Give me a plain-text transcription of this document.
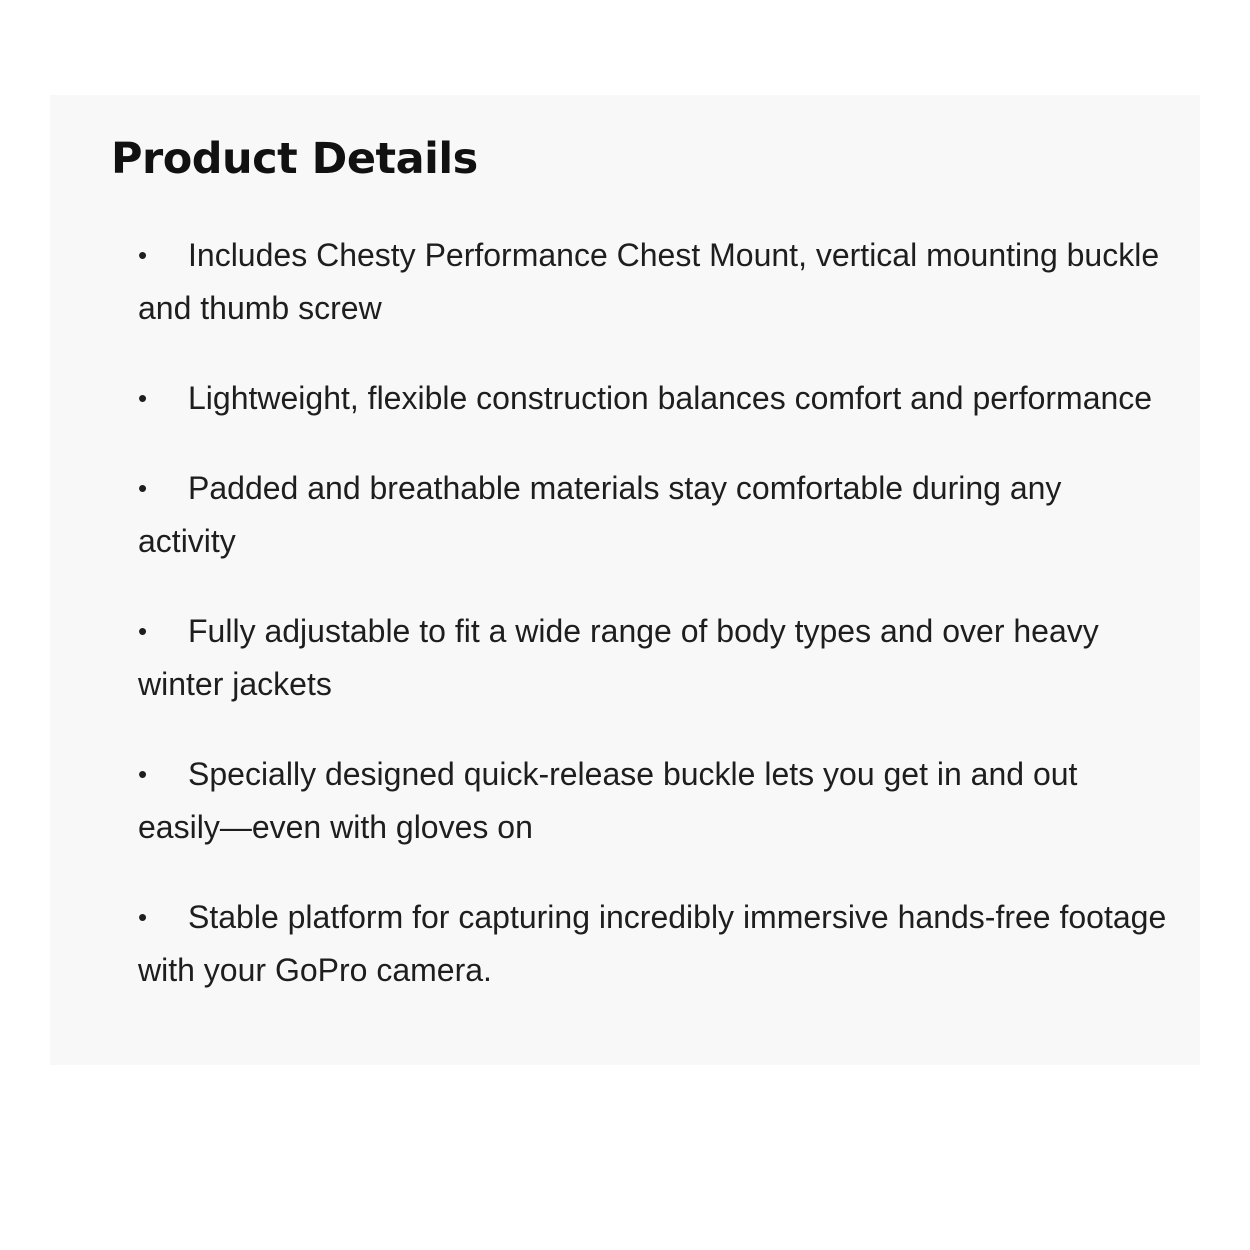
Product Details
• Includes Chesty Performance Chest Mount, vertical mounting buckle and thumb screw
• Lightweight, flexible construction balances comfort and performance
• Padded and breathable materials stay comfortable during any activity
• Fully adjustable to fit a wide range of body types and over heavy winter jackets
• Specially designed quick-release buckle lets you get in and out easily—even with gloves on
• Stable platform for capturing incredibly immersive hands-free footage with your GoPro camera.
